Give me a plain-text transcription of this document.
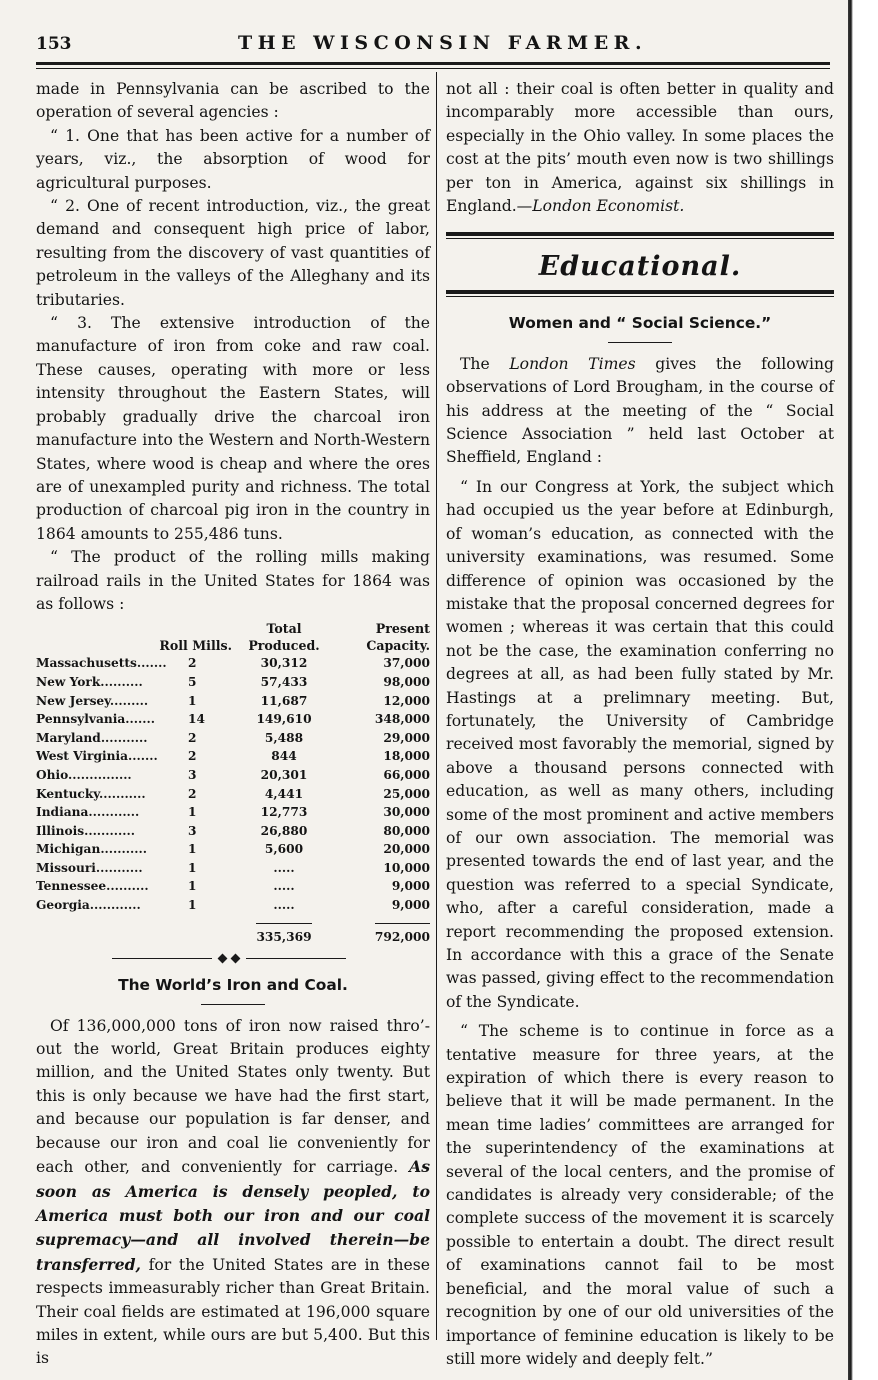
153	THE WISCONSIN FARMER.

made in Pennsylvania can be ascribed to the operation of several agencies :

“ 1. One that has been active for a number of years, viz., the absorption of wood for agricultural purposes.

“ 2. One of recent introduction, viz., the great demand and consequent high price of labor, resulting from the discovery of vast quantities of petroleum in the valleys of the Alleghany and its tributaries.

“ 3. The extensive introduction of the manufacture of iron from coke and raw coal. These causes, operating with more or less intensity throughout the Eastern States, will probably gradually drive the charcoal iron manufacture into the Western and North-Western States, where wood is cheap and where the ores are of unexampled purity and richness. The total production of charcoal pig iron in the country in 1864 amounts to 255,486 tuns.

“ The product of the rolling mills making railroad rails in the United States for 1864 was as follows :

		Total	Present
Roll Mills.		Produced.	Capacity.
Massachusetts.......	2	30,312	37,000
New York..........	5	57,433	98,000
New Jersey.........	1	11,687	12,000
Pennsylvania.......	14	149,610	348,000
Maryland...........	2	5,488	29,000
West Virginia.......	2	844	18,000
Ohio...............	3	20,301	66,000
Kentucky...........	2	4,441	25,000
Indiana............	1	12,773	30,000
Illinois............	3	26,880	80,000
Michigan...........	1	5,600	20,000
Missouri...........	1	.....	10,000
Tennessee..........	1	.....	9,000
Georgia............	1	.....	9,000
		335,369	792,000
The World’s Iron and Coal.

Of 136,000,000 tons of iron now raised thro’-out the world, Great Britain produces eighty million, and the United States only twenty. But this is only because we have had the first start, and because our population is far denser, and because our iron and coal lie conveniently for each other, and conveniently for carriage. As soon as America is densely peopled, to America must both our iron and our coal supremacy—and all involved therein—be transferred, for the United States are in these respects immeasurably richer than Great Britain. Their coal fields are estimated at 196,000 square miles in extent, while ours are but 5,400. But this is

not all : their coal is often better in quality and incomparably more accessible than ours, especially in the Ohio valley. In some places the cost at the pits’ mouth even now is two shillings per ton in America, against six shillings in England.—London Economist.

Educational.
Women and “ Social Science.”

The London Times gives the following observations of Lord Brougham, in the course of his address at the meeting of the “ Social Science Association ” held last October at Sheffield, England :

“ In our Congress at York, the subject which had occupied us the year before at Edinburgh, of woman’s education, as connected with the university examinations, was resumed. Some difference of opinion was occasioned by the mistake that the proposal concerned degrees for women ; whereas it was certain that this could not be the case, the examination conferring no degrees at all, as had been fully stated by Mr. Hastings at a prelimnary meeting. But, fortunately, the University of Cambridge received most favorably the memorial, signed by above a thousand persons connected with education, as well as many others, including some of the most prominent and active members of our own association. The memorial was presented towards the end of last year, and the question was referred to a special Syndicate, who, after a careful consideration, made a report recommending the proposed extension. In accordance with this a grace of the Senate was passed, giving effect to the recommendation of the Syndicate.

“ The scheme is to continue in force as a tentative measure for three years, at the expiration of which there is every reason to believe that it will be made permanent. In the mean time ladies’ committees are arranged for the superintendency of the examinations at several of the local centers, and the promise of candidates is already very considerable; of the complete success of the movement it is scarcely possible to entertain a doubt. The direct result of examinations cannot fail to be most beneficial, and the moral value of such a recognition by one of our old universities of the importance of feminine education is likely to be still more widely and deeply felt.”
